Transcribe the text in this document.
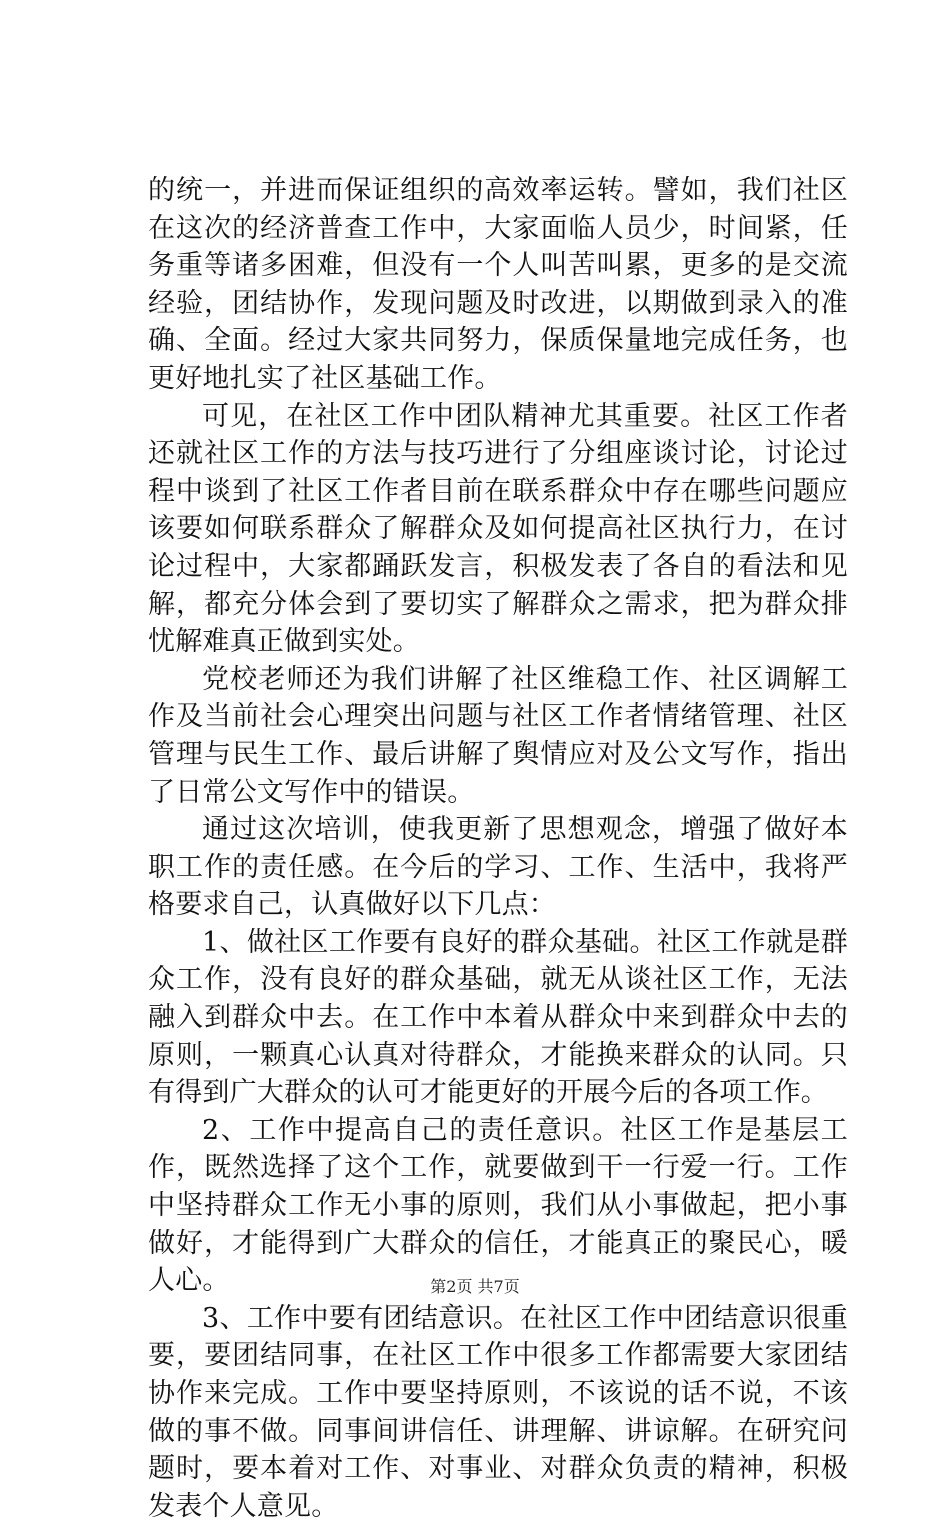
的统一，并进而保证组织的高效率运转。譬如，我们社区在这次的经济普查工作中，大家面临人员少，时间紧，任务重等诸多困难，但没有一个人叫苦叫累，更多的是交流经验，团结协作，发现问题及时改进，以期做到录入的准确、全面。经过大家共同努力，保质保量地完成任务，也更好地扎实了社区基础工作。

可见，在社区工作中团队精神尤其重要。社区工作者还就社区工作的方法与技巧进行了分组座谈讨论，讨论过程中谈到了社区工作者目前在联系群众中存在哪些问题应该要如何联系群众了解群众及如何提高社区执行力，在讨论过程中，大家都踊跃发言，积极发表了各自的看法和见解，都充分体会到了要切实了解群众之需求，把为群众排忧解难真正做到实处。

党校老师还为我们讲解了社区维稳工作、社区调解工作及当前社会心理突出问题与社区工作者情绪管理、社区管理与民生工作、最后讲解了舆情应对及公文写作，指出了日常公文写作中的错误。

通过这次培训，使我更新了思想观念，增强了做好本职工作的责任感。在今后的学习、工作、生活中，我将严格要求自己，认真做好以下几点：

1、做社区工作要有良好的群众基础。社区工作就是群众工作，没有良好的群众基础，就无从谈社区工作，无法融入到群众中去。在工作中本着从群众中来到群众中去的原则，一颗真心认真对待群众，才能换来群众的认同。只有得到广大群众的认可才能更好的开展今后的各项工作。

2、工作中提高自己的责任意识。社区工作是基层工作，既然选择了这个工作，就要做到干一行爱一行。工作中坚持群众工作无小事的原则，我们从小事做起，把小事做好，才能得到广大群众的信任，才能真正的聚民心，暖人心。

3、工作中要有团结意识。在社区工作中团结意识很重要，要团结同事，在社区工作中很多工作都需要大家团结协作来完成。工作中要坚持原则，不该说的话不说，不该做的事不做。同事间讲信任、讲理解、讲谅解。在研究问题时，要本着对工作、对事业、对群众负责的精神，积极发表个人意见。

第2页 共7页
